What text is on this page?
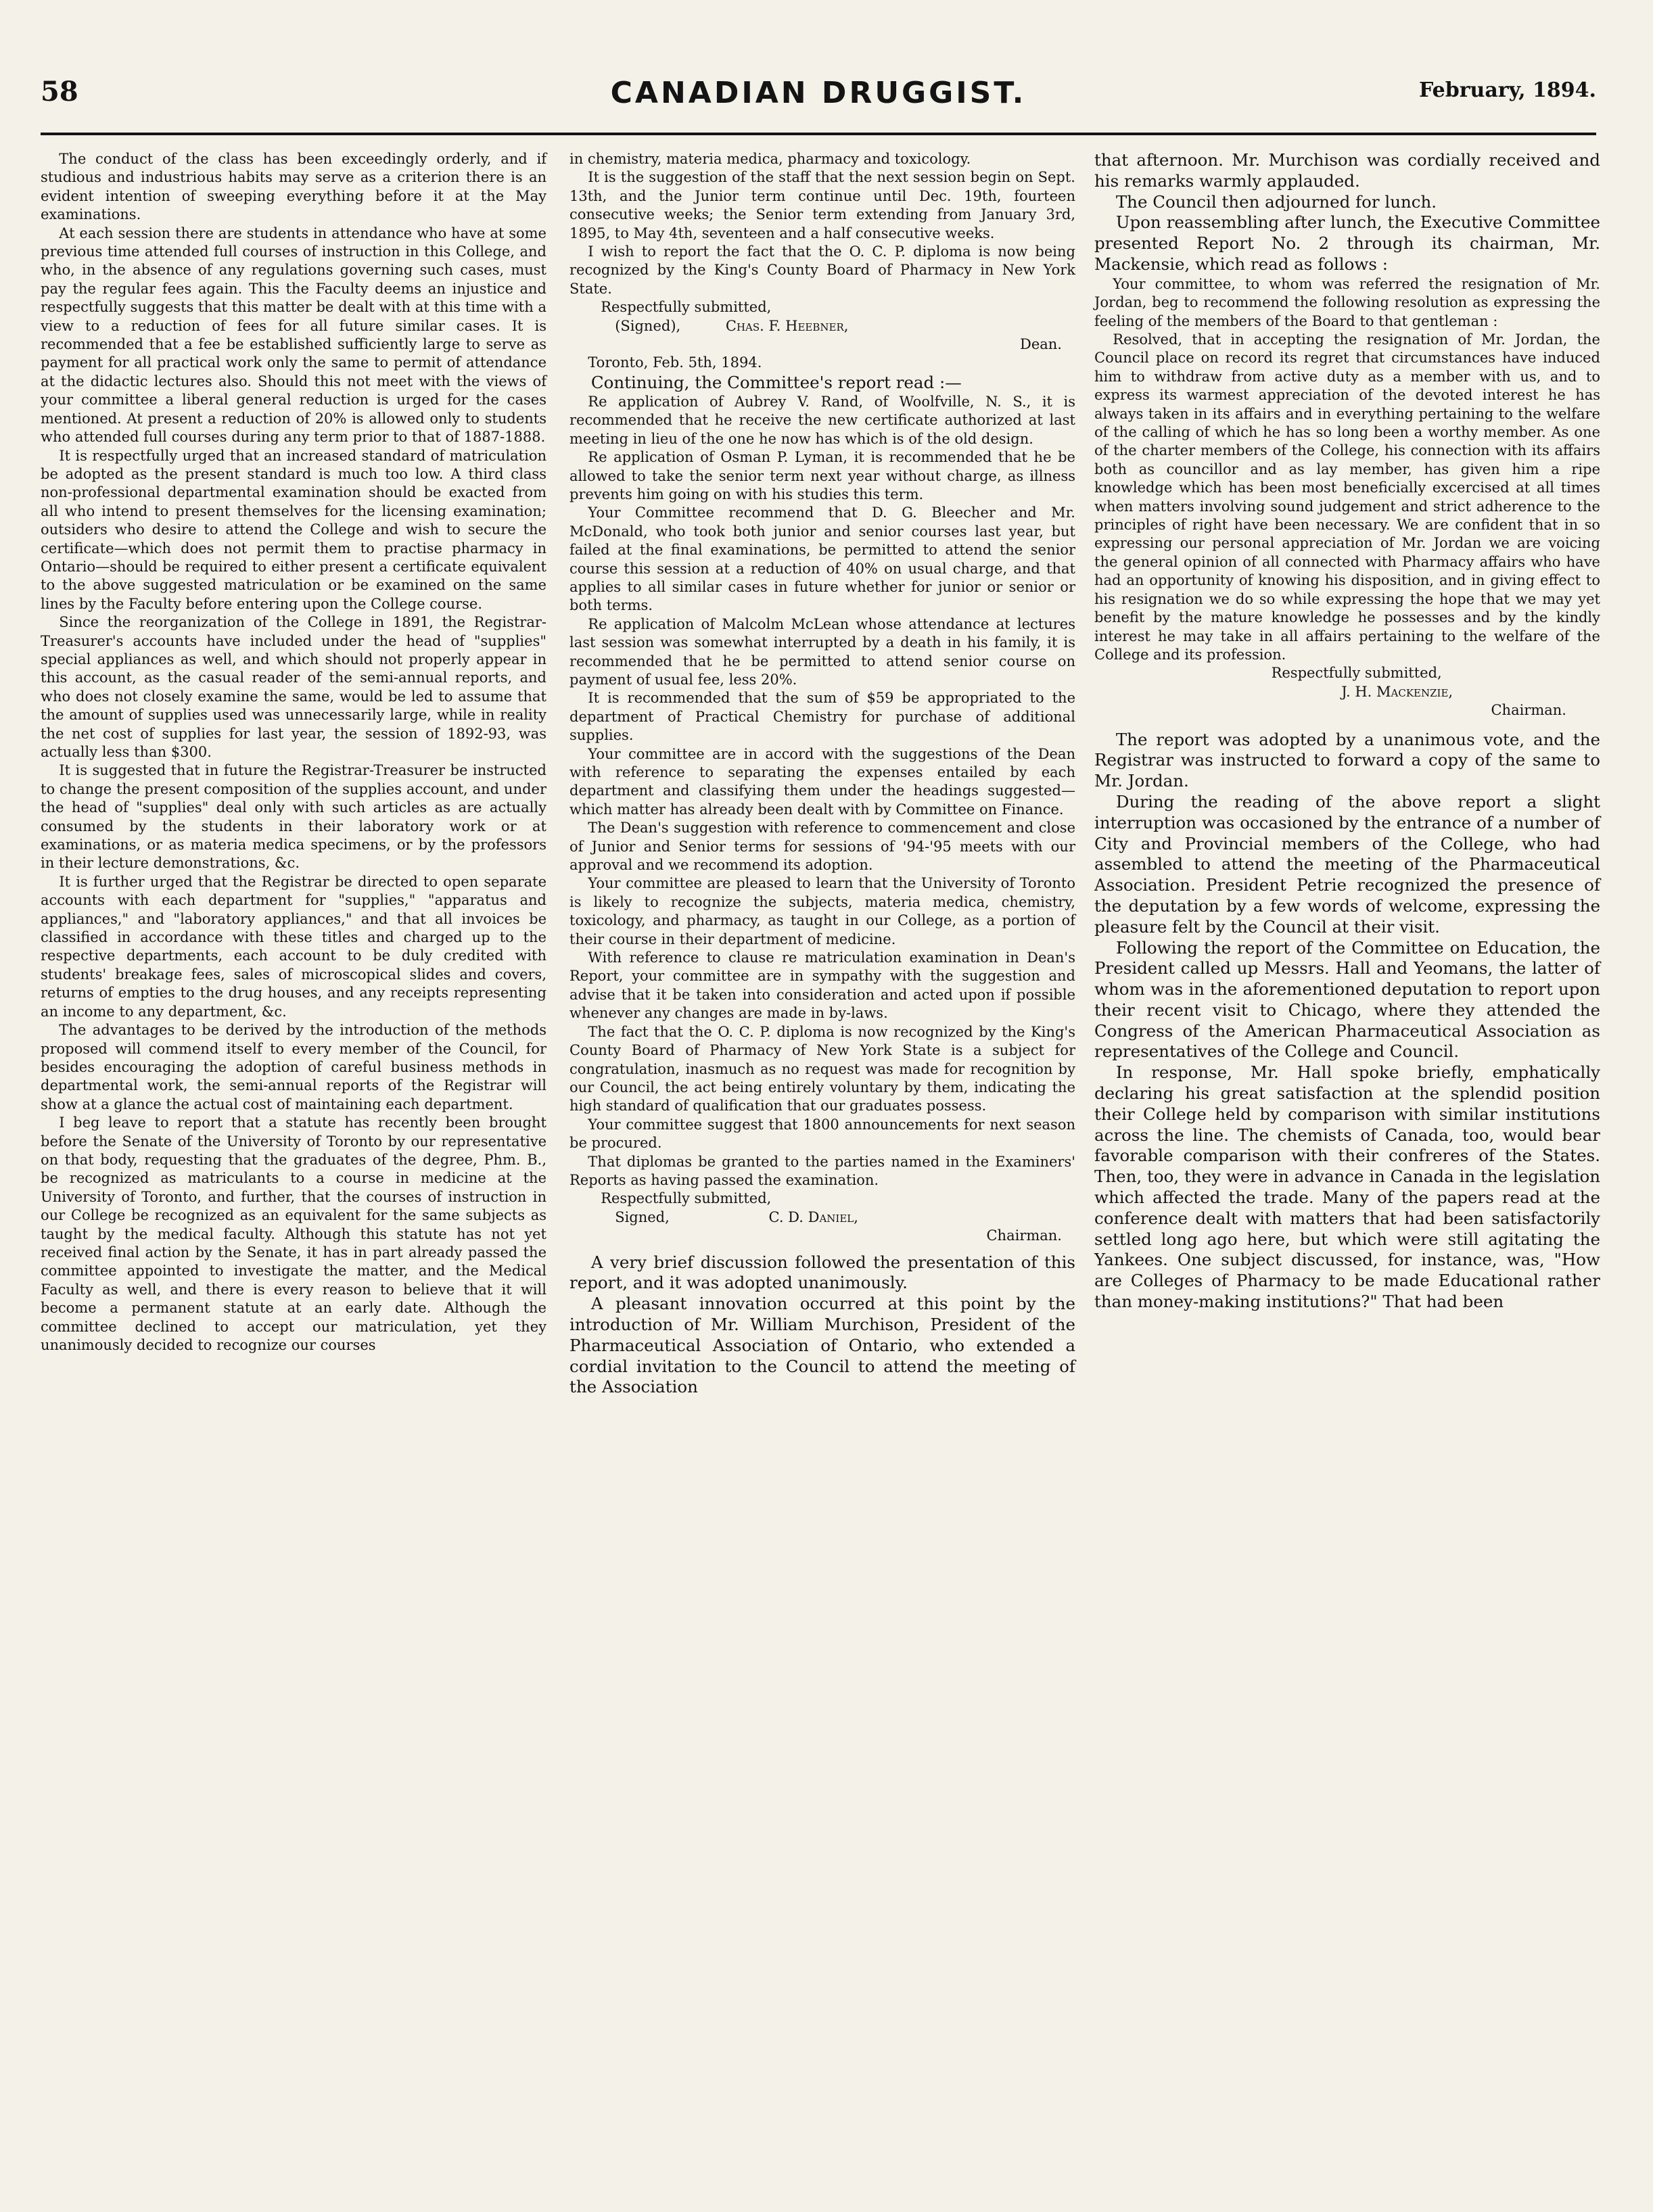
58	CANADIAN DRUGGIST.	February, 1894.

The conduct of the class has been exceedingly orderly, and if studious and industrious habits may serve as a criterion there is an evident intention of sweeping everything before it at the May examinations.

At each session there are students in attendance who have at some previous time attended full courses of instruction in this College, and who, in the absence of any regulations governing such cases, must pay the regular fees again. This the Faculty deems an injustice and respectfully suggests that this matter be dealt with at this time with a view to a reduction of fees for all future similar cases. It is recommended that a fee be established sufficiently large to serve as payment for all practical work only the same to permit of attendance at the didactic lectures also. Should this not meet with the views of your committee a liberal general reduction is urged for the cases mentioned. At present a reduction of 20% is allowed only to students who attended full courses during any term prior to that of 1887-1888.

It is respectfully urged that an increased standard of matriculation be adopted as the present standard is much too low. A third class non-professional departmental examination should be exacted from all who intend to present themselves for the licensing examination; outsiders who desire to attend the College and wish to secure the certificate—which does not permit them to practise pharmacy in Ontario—should be required to either present a certificate equivalent to the above suggested matriculation or be examined on the same lines by the Faculty before entering upon the College course.

Since the reorganization of the College in 1891, the Registrar-Treasurer's accounts have included under the head of "supplies" special appliances as well, and which should not properly appear in this account, as the casual reader of the semi-annual reports, and who does not closely examine the same, would be led to assume that the amount of supplies used was unnecessarily large, while in reality the net cost of supplies for last year, the session of 1892-93, was actually less than $300.

It is suggested that in future the Registrar-Treasurer be instructed to change the present composition of the supplies account, and under the head of "supplies" deal only with such articles as are actually consumed by the students in their laboratory work or at examinations, or as materia medica specimens, or by the professors in their lecture demonstrations, &c.

It is further urged that the Registrar be directed to open separate accounts with each department for "supplies," "apparatus and appliances," and "laboratory appliances," and that all invoices be classified in accordance with these titles and charged up to the respective departments, each account to be duly credited with students' breakage fees, sales of microscopical slides and covers, returns of empties to the drug houses, and any receipts representing an income to any department, &c.

The advantages to be derived by the introduction of the methods proposed will commend itself to every member of the Council, for besides encouraging the adoption of careful business methods in departmental work, the semi-annual reports of the Registrar will show at a glance the actual cost of maintaining each department.

I beg leave to report that a statute has recently been brought before the Senate of the University of Toronto by our representative on that body, requesting that the graduates of the degree, Phm. B., be recognized as matriculants to a course in medicine at the University of Toronto, and further, that the courses of instruction in our College be recognized as an equivalent for the same subjects as taught by the medical faculty. Although this statute has not yet received final action by the Senate, it has in part already passed the committee appointed to investigate the matter, and the Medical Faculty as well, and there is every reason to believe that it will become a permanent statute at an early date. Although the committee declined to accept our matriculation, yet they unanimously decided to recognize our courses

in chemistry, materia medica, pharmacy and toxicology.

It is the suggestion of the staff that the next session begin on Sept. 13th, and the Junior term continue until Dec. 19th, fourteen consecutive weeks; the Senior term extending from January 3rd, 1895, to May 4th, seventeen and a half consecutive weeks.

I wish to report the fact that the O. C. P. diploma is now being recognized by the King's County Board of Pharmacy in New York State.

Respectfully submitted,

(Signed),	Chas. F. Heebner,

Dean.

Toronto, Feb. 5th, 1894.

Continuing, the Committee's report read :—

Re application of Aubrey V. Rand, of Woolfville, N. S., it is recommended that he receive the new certificate authorized at last meeting in lieu of the one he now has which is of the old design.

Re application of Osman P. Lyman, it is recommended that he be allowed to take the senior term next year without charge, as illness prevents him going on with his studies this term.

Your Committee recommend that D. G. Bleecher and Mr. McDonald, who took both junior and senior courses last year, but failed at the final examinations, be permitted to attend the senior course this session at a reduction of 40% on usual charge, and that applies to all similar cases in future whether for junior or senior or both terms.

Re application of Malcolm McLean whose attendance at lectures last session was somewhat interrupted by a death in his family, it is recommended that he be permitted to attend senior course on payment of usual fee, less 20%.

It is recommended that the sum of $59 be appropriated to the department of Practical Chemistry for purchase of additional supplies.

Your committee are in accord with the suggestions of the Dean with reference to separating the expenses entailed by each department and classifying them under the headings suggested—which matter has already been dealt with by Committee on Finance.

The Dean's suggestion with reference to commencement and close of Junior and Senior terms for sessions of '94-'95 meets with our approval and we recommend its adoption.

Your committee are pleased to learn that the University of Toronto is likely to recognize the subjects, materia medica, chemistry, toxicology, and pharmacy, as taught in our College, as a portion of their course in their department of medicine.

With reference to clause re matriculation examination in Dean's Report, your committee are in sympathy with the suggestion and advise that it be taken into consideration and acted upon if possible whenever any changes are made in by-laws.

The fact that the O. C. P. diploma is now recognized by the King's County Board of Pharmacy of New York State is a subject for congratulation, inasmuch as no request was made for recognition by our Council, the act being entirely voluntary by them, indicating the high standard of qualification that our graduates possess.

Your committee suggest that 1800 announcements for next season be procured.

That diplomas be granted to the parties named in the Examiners' Reports as having passed the examination.

Respectfully submitted,

Signed,	C. D. Daniel,

Chairman.

A very brief discussion followed the presentation of this report, and it was adopted unanimously.

A pleasant innovation occurred at this point by the introduction of Mr. William Murchison, President of the Pharmaceutical Association of Ontario, who extended a cordial invitation to the Council to attend the meeting of the Association

that afternoon. Mr. Murchison was cordially received and his remarks warmly applauded.

The Council then adjourned for lunch.

Upon reassembling after lunch, the Executive Committee presented Report No. 2 through its chairman, Mr. Mackensie, which read as follows :

Your committee, to whom was referred the resignation of Mr. Jordan, beg to recommend the following resolution as expressing the feeling of the members of the Board to that gentleman :

Resolved, that in accepting the resignation of Mr. Jordan, the Council place on record its regret that circumstances have induced him to withdraw from active duty as a member with us, and to express its warmest appreciation of the devoted interest he has always taken in its affairs and in everything pertaining to the welfare of the calling of which he has so long been a worthy member. As one of the charter members of the College, his connection with its affairs both as councillor and as lay member, has given him a ripe knowledge which has been most beneficially excercised at all times when matters involving sound judgement and strict adherence to the principles of right have been necessary. We are confident that in so expressing our personal appreciation of Mr. Jordan we are voicing the general opinion of all connected with Pharmacy affairs who have had an opportunity of knowing his disposition, and in giving effect to his resignation we do so while expressing the hope that we may yet benefit by the mature knowledge he possesses and by the kindly interest he may take in all affairs pertaining to the welfare of the College and its profession.

Respectfully submitted,

J. H. Mackenzie,

Chairman.

The report was adopted by a unanimous vote, and the Registrar was instructed to forward a copy of the same to Mr. Jordan.

During the reading of the above report a slight interruption was occasioned by the entrance of a number of City and Provincial members of the College, who had assembled to attend the meeting of the Pharmaceutical Association. President Petrie recognized the presence of the deputation by a few words of welcome, expressing the pleasure felt by the Council at their visit.

Following the report of the Committee on Education, the President called up Messrs. Hall and Yeomans, the latter of whom was in the aforementioned deputation to report upon their recent visit to Chicago, where they attended the Congress of the American Pharmaceutical Association as representatives of the College and Council.

In response, Mr. Hall spoke briefly, emphatically declaring his great satisfaction at the splendid position their College held by comparison with similar institutions across the line. The chemists of Canada, too, would bear favorable comparison with their confreres of the States. Then, too, they were in advance in Canada in the legislation which affected the trade. Many of the papers read at the conference dealt with matters that had been satisfactorily settled long ago here, but which were still agitating the Yankees. One subject discussed, for instance, was, "How are Colleges of Pharmacy to be made Educational rather than money-making institutions?" That had been
